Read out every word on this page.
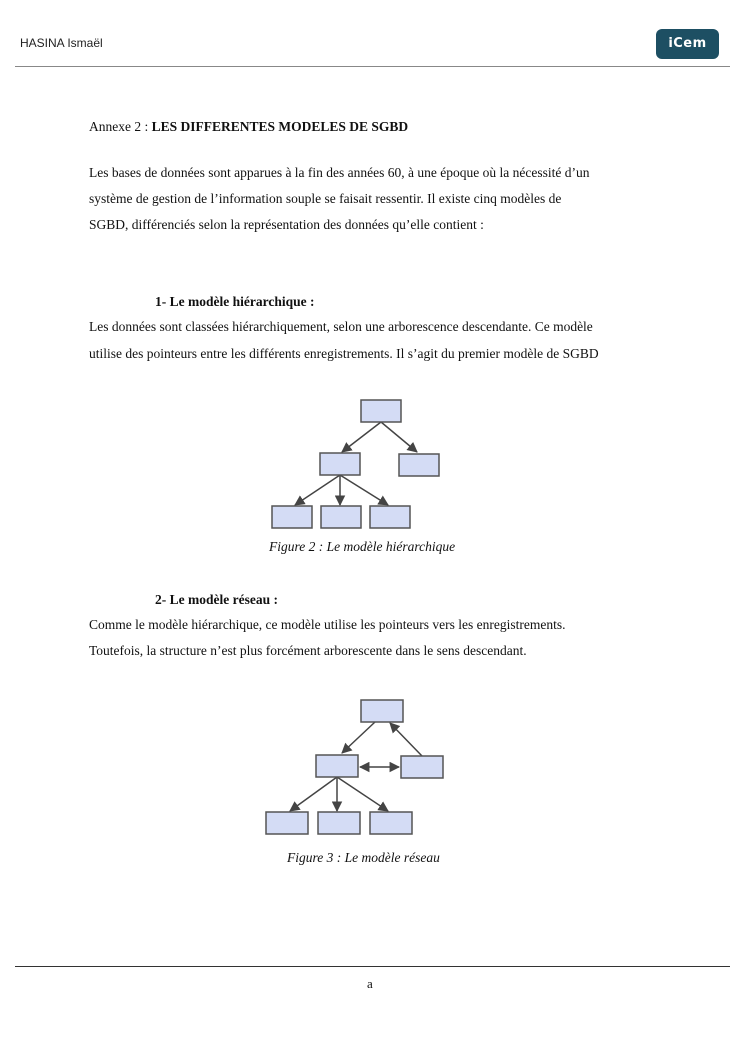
HASINA Ismaël	iCem
Annexe 2 : LES DIFFERENTES MODELES DE SGBD
Les bases de données sont apparues à la fin des années 60, à une époque où la nécessité d’un
système de gestion de l’information souple se faisait ressentir. Il existe cinq modèles de
SGBD, différenciés selon la représentation des données qu’elle contient :
1- Le modèle hiérarchique :
Les données sont classées hiérarchiquement, selon une arborescence descendante. Ce modèle
utilise des pointeurs entre les différents enregistrements. Il s’agit du premier modèle de SGBD
2- Le modèle réseau :
Comme le modèle hiérarchique, ce modèle utilise les pointeurs vers les enregistrements.
Toutefois, la structure n’est plus forcément arborescente dans le sens descendant.
Figure 2 : Le modèle hiérarchique
Figure 3 : Le modèle réseau
a
